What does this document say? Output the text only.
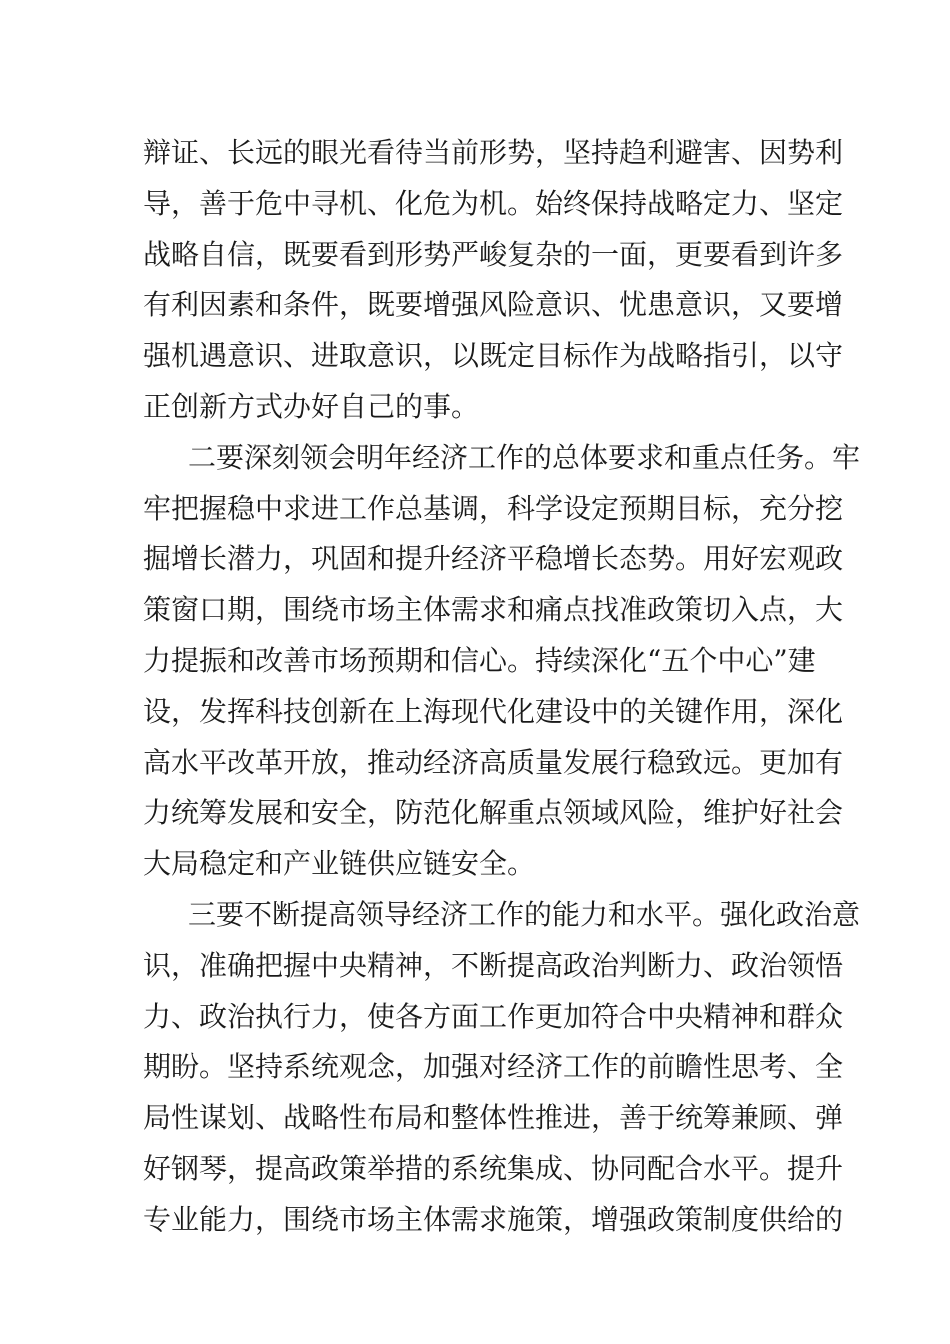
辩证、长远的眼光看待当前形势，坚持趋利避害、因势利
导，善于危中寻机、化危为机。始终保持战略定力、坚定
战略自信，既要看到形势严峻复杂的一面，更要看到许多
有利因素和条件，既要增强风险意识、忧患意识，又要增
强机遇意识、进取意识，以既定目标作为战略指引，以守
正创新方式办好自己的事。
二要深刻领会明年经济工作的总体要求和重点任务。牢
牢把握稳中求进工作总基调，科学设定预期目标，充分挖
掘增长潜力，巩固和提升经济平稳增长态势。用好宏观政
策窗口期，围绕市场主体需求和痛点找准政策切入点，大
力提振和改善市场预期和信心。持续深化“五个中心”建
设，发挥科技创新在上海现代化建设中的关键作用，深化
高水平改革开放，推动经济高质量发展行稳致远。更加有
力统筹发展和安全，防范化解重点领域风险，维护好社会
大局稳定和产业链供应链安全。
三要不断提高领导经济工作的能力和水平。强化政治意
识，准确把握中央精神，不断提高政治判断力、政治领悟
力、政治执行力，使各方面工作更加符合中央精神和群众
期盼。坚持系统观念，加强对经济工作的前瞻性思考、全
局性谋划、战略性布局和整体性推进，善于统筹兼顾、弹
好钢琴，提高政策举措的系统集成、协同配合水平。提升
专业能力，围绕市场主体需求施策，增强政策制度供给的
